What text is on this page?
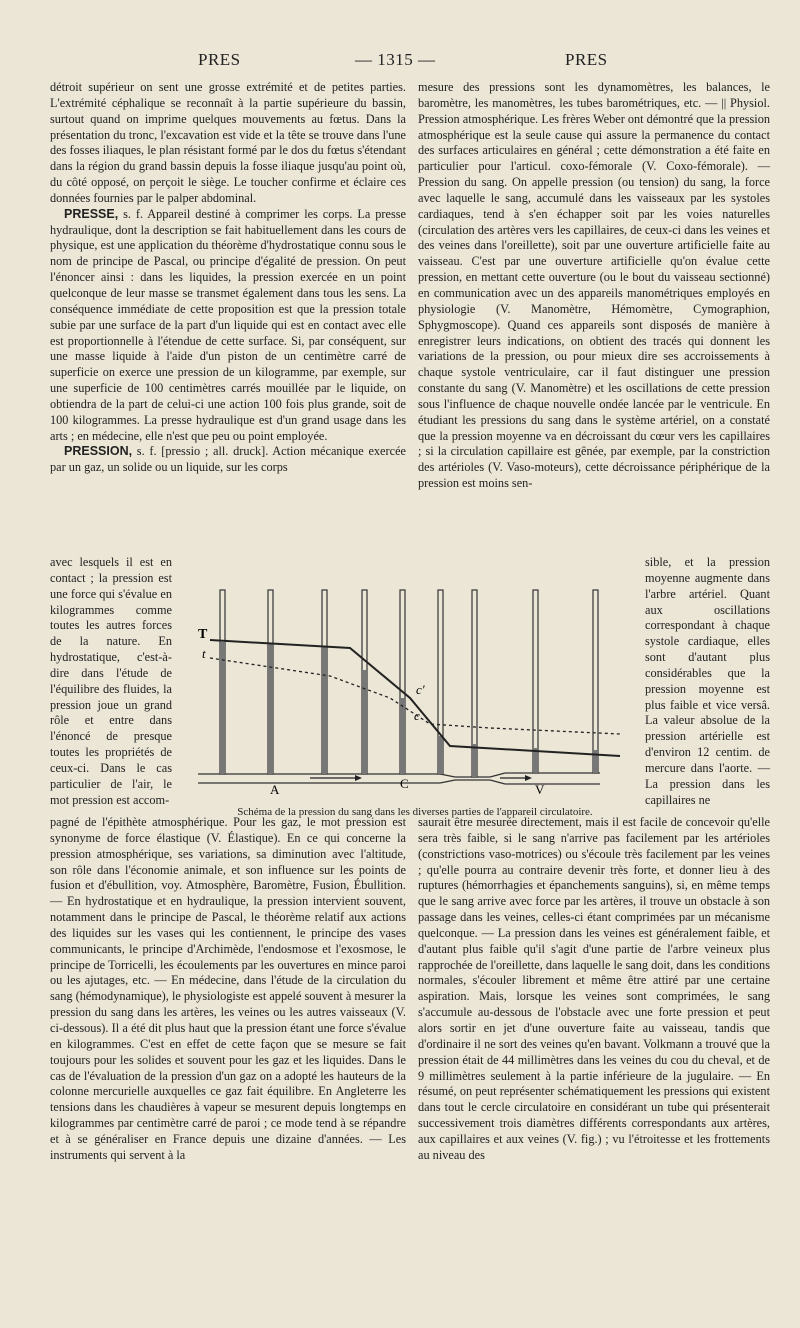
PRES	— 1315 —	PRES

détroit supérieur on sent une grosse extrémité et de petites parties. L'extrémité céphalique se reconnaît à la partie supérieure du bassin, surtout quand on imprime quelques mouvements au fœtus. Dans la présentation du tronc, l'excavation est vide et la tête se trouve dans l'une des fosses iliaques, le plan résistant formé par le dos du fœtus s'étendant dans la région du grand bassin depuis la fosse iliaque jusqu'au point où, du côté opposé, on perçoit le siège. Le toucher confirme et éclaire ces données fournies par le palper abdominal.

PRESSE, s. f. Appareil destiné à comprimer les corps. La presse hydraulique, dont la description se fait habituellement dans les cours de physique, est une application du théorème d'hydrostatique connu sous le nom de principe de Pascal, ou principe d'égalité de pression. On peut l'énoncer ainsi : dans les liquides, la pression exercée en un point quelconque de leur masse se transmet également dans tous les sens. La conséquence immédiate de cette proposition est que la pression totale subie par une surface de la part d'un liquide qui est en contact avec elle est proportionnelle à l'étendue de cette surface. Si, par conséquent, sur une masse liquide à l'aide d'un piston de un centimètre carré de superficie on exerce une pression de un kilogramme, par exemple, sur une superficie de 100 centimètres carrés mouillée par le liquide, on obtiendra de la part de celui-ci une action 100 fois plus grande, soit de 100 kilogrammes. La presse hydraulique est d'un grand usage dans les arts ; en médecine, elle n'est que peu ou point employée.

PRESSION, s. f. [pressio ; all. druck]. Action mécanique exercée par un gaz, un solide ou un liquide, sur les corps

avec lesquels il est en contact ; la pression est une force qui s'évalue en kilogrammes comme toutes les autres forces de la nature. En hydrostatique, c'est-à-dire dans l'étude de l'équilibre des fluides, la pression joue un grand rôle et entre dans l'énoncé de presque toutes les propriétés de ceux-ci. Dans le cas particulier de l'air, le mot pression est accom-
mesure des pressions sont les dynamomètres, les balances, le baromètre, les manomètres, les tubes barométriques, etc. — || Physiol. Pression atmosphérique. Les frères Weber ont démontré que la pression atmosphérique est la seule cause qui assure la permanence du contact des surfaces articulaires en général ; cette démonstration a été faite en particulier pour l'articul. coxo-fémorale (V. Coxo-fémorale). — Pression du sang. On appelle pression (ou tension) du sang, la force avec laquelle le sang, accumulé dans les vaisseaux par les systoles cardiaques, tend à s'en échapper soit par les voies naturelles (circulation des artères vers les capillaires, de ceux-ci dans les veines et des veines dans l'oreillette), soit par une ouverture artificielle faite au vaisseau. C'est par une ouverture artificielle qu'on évalue cette pression, en mettant cette ouverture (ou le bout du vaisseau sectionné) en communication avec un des appareils manométriques employés en physiologie (V. Manomètre, Hémomètre, Cymographion, Sphygmoscope). Quand ces appareils sont disposés de manière à enregistrer leurs indications, on obtient des tracés qui donnent les variations de la pression, ou pour mieux dire ses accroissements à chaque systole ventriculaire, car il faut distinguer une pression constante du sang (V. Manomètre) et les oscillations de cette pression sous l'influence de chaque nouvelle ondée lancée par le ventricule. En étudiant les pressions du sang dans le système artériel, on a constaté que la pression moyenne va en décroissant du cœur vers les capillaires ; si la circulation capillaire est gênée, par exemple, par la constriction des artérioles (V. Vaso-moteurs), cette décroissance périphérique de la pression est moins sen-
sible, et la pression moyenne augmente dans l'arbre artériel. Quant aux oscillations correspondant à chaque systole cardiaque, elles sont d'autant plus considérables que la pression moyenne est plus faible et vice versâ. La valeur absolue de la pression artérielle est d'environ 12 centim. de mercure dans l'aorte. — La pression dans les capillaires ne
T
t
c'
c
A	C	V
Schéma de la pression du sang dans les diverses parties de l'appareil circulatoire.
pagné de l'épithète atmosphérique. Pour les gaz, le mot pression est synonyme de force élastique (V. Élastique). En ce qui concerne la pression atmosphérique, ses variations, sa diminution avec l'altitude, son rôle dans l'économie animale, et son influence sur les points de fusion et d'ébullition, voy. Atmosphère, Baromètre, Fusion, Ébullition. — En hydrostatique et en hydraulique, la pression intervient souvent, notamment dans le principe de Pascal, le théorème relatif aux actions des liquides sur les vases qui les contiennent, le principe des vases communicants, le principe d'Archimède, l'endosmose et l'exosmose, le principe de Torricelli, les écoulements par les ouvertures en mince paroi ou les ajutages, etc. — En médecine, dans l'étude de la circulation du sang (hémodynamique), le physiologiste est appelé souvent à mesurer la pression du sang dans les artères, les veines ou les autres vaisseaux (V. ci-dessous). Il a été dit plus haut que la pression étant une force s'évalue en kilogrammes. C'est en effet de cette façon que se mesure se fait toujours pour les solides et souvent pour les gaz et les liquides. Dans le cas de l'évaluation de la pression d'un gaz on a adopté les hauteurs de la colonne mercurielle auxquelles ce gaz fait équilibre. En Angleterre les tensions dans les chaudières à vapeur se mesurent depuis longtemps en kilogrammes par centimètre carré de paroi ; ce mode tend à se répandre et à se généraliser en France depuis une dizaine d'années. — Les instruments qui servent à la
saurait être mesurée directement, mais il est facile de concevoir qu'elle sera très faible, si le sang n'arrive pas facilement par les artérioles (constrictions vaso-motrices) ou s'écoule très facilement par les veines ; qu'elle pourra au contraire devenir très forte, et donner lieu à des ruptures (hémorrhagies et épanchements sanguins), si, en même temps que le sang arrive avec force par les artères, il trouve un obstacle à son passage dans les veines, celles-ci étant comprimées par un mécanisme quelconque. — La pression dans les veines est généralement faible, et d'autant plus faible qu'il s'agit d'une partie de l'arbre veineux plus rapprochée de l'oreillette, dans laquelle le sang doit, dans les conditions normales, s'écouler librement et même être attiré par une certaine aspiration. Mais, lorsque les veines sont comprimées, le sang s'accumule au-dessous de l'obstacle avec une forte pression et peut alors sortir en jet d'une ouverture faite au vaisseau, tandis que d'ordinaire il ne sort des veines qu'en bavant. Volkmann a trouvé que la pression était de 44 millimètres dans les veines du cou du cheval, et de 9 millimètres seulement à la partie inférieure de la jugulaire. — En résumé, on peut représenter schématiquement les pressions qui existent dans tout le cercle circulatoire en considérant un tube qui présenterait successivement trois diamètres différents correspondants aux artères, aux capillaires et aux veines (V. fig.) ; vu l'étroitesse et les frottements au niveau des
